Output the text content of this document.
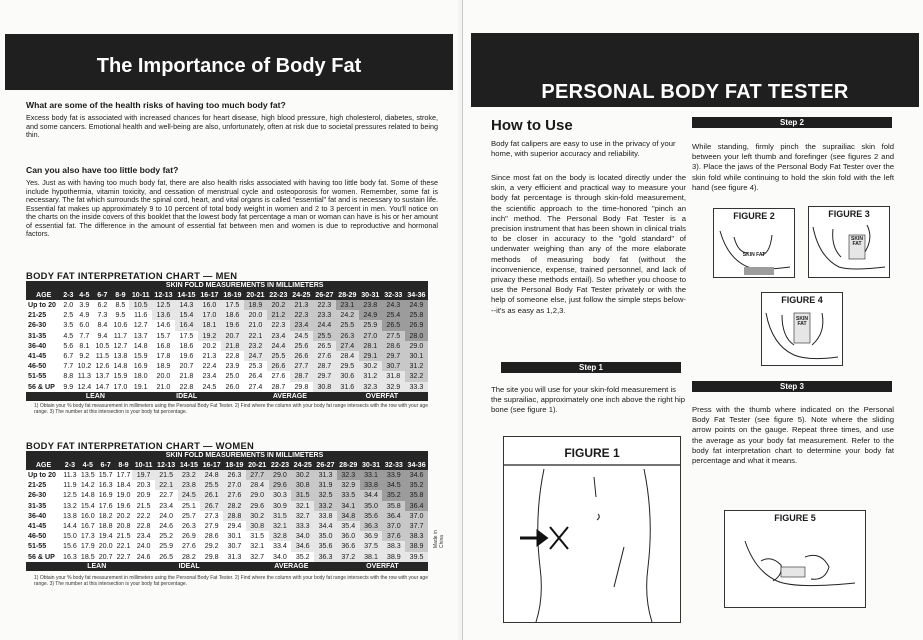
The Importance of Body Fat
What are some of the health risks of having too much body fat?
Excess body fat is associated with increased chances for heart disease, high blood pressure, high cholesterol, diabetes, stroke, and some cancers. Emotional health and well-being are also, unfortunately, often at risk due to societal pressures related to being thin.
Can you also have too little body fat?
Yes. Just as with having too much body fat, there are also health risks associated with having too little body fat. Some of these include hypothermia, vitamin toxicity, and cessation of menstrual cycle and osteoporosis for women. Remember, some fat is necessary. The fat which surrounds the spinal cord, heart, and vital organs is called "essential" fat and is necessary to sustain life. Essential fat makes up approximately 9 to 10 percent of total body weight in women and 2 to 3 percent in men. You'll notice on the charts on the inside covers of this booklet that the lowest body fat percentage a man or woman can have is his or her amount of essential fat. The difference in the amount of essential fat between men and women is due to reproductive and hormonal factors.
BODY FAT INTERPRETATION CHART — MEN
	SKIN FOLD MEASUREMENTS IN MILLIMETERS																
AGE	2-3	4-5	6-7	8-9	10-11	12-13	14-15	16-17	18-19	20-21	22-23	24-25	26-27	28-29	30-31	32-33	34-36
Up to 20	2.0	3.9	6.2	8.5	10.5	12.5	14.3	16.0	17.5	18.9	20.2	21.3	22.3	23.1	23.8	24.3	24.9
21-25	2.5	4.9	7.3	9.5	11.6	13.6	15.4	17.0	18.6	20.0	21.2	22.3	23.3	24.2	24.9	25.4	25.8
26-30	3.5	6.0	8.4	10.6	12.7	14.6	16.4	18.1	19.6	21.0	22.3	23.4	24.4	25.5	25.9	26.5	26.9
31-35	4.5	7.7	9.4	11.7	13.7	15.7	17.5	19.2	20.7	22.1	23.4	24.5	25.5	26.3	27.0	27.5	28.0
36-40	5.6	8.1	10.5	12.7	14.8	16.8	18.6	20.2	21.8	23.2	24.4	25.6	26.5	27.4	28.1	28.6	29.0
41-45	6.7	9.2	11.5	13.8	15.9	17.8	19.6	21.3	22.8	24.7	25.5	26.6	27.6	28.4	29.1	29.7	30.1
46-50	7.7	10.2	12.6	14.8	16.9	18.9	20.7	22.4	23.9	25.3	26.6	27.7	28.7	29.5	30.2	30.7	31.2
51-55	8.8	11.3	13.7	15.9	18.0	20.0	21.8	23.4	25.0	26.4	27.6	28.7	29.7	30.6	31.2	31.8	32.2
56 & UP	9.9	12.4	14.7	17.0	19.1	21.0	22.8	24.5	26.0	27.4	28.7	29.8	30.8	31.6	32.3	32.9	33.3
	LEAN				IDEAL					AVERAGE				OVERFAT			
1) Obtain your % body fat measurement in millimeters using the Personal Body Fat Tester. 2) Find where the column with your body fat range intersects with the row with your age range. 3) The number at this intersection is your body fat percentage.
BODY FAT INTERPRETATION CHART — WOMEN
	SKIN FOLD MEASUREMENTS IN MILLIMETERS																
AGE	2-3	4-5	6-7	8-9	10-11	12-13	14-15	16-17	18-19	20-21	22-23	24-25	26-27	28-29	30-31	32-33	34-36
Up to 20	11.3	13.5	15.7	17.7	19.7	21.5	23.2	24.8	26.3	27.7	29.0	30.2	31.3	32.3	33.1	33.9	34.6
21-25	11.9	14.2	16.3	18.4	20.3	22.1	23.8	25.5	27.0	28.4	29.6	30.8	31.9	32.9	33.8	34.5	35.2
26-30	12.5	14.8	16.9	19.0	20.9	22.7	24.5	26.1	27.6	29.0	30.3	31.5	32.5	33.5	34.4	35.2	35.8
31-35	13.2	15.4	17.6	19.6	21.5	23.4	25.1	26.7	28.2	29.6	30.9	32.1	33.2	34.1	35.0	35.8	36.4
36-40	13.8	16.0	18.2	20.2	22.2	24.0	25.7	27.3	28.8	30.2	31.5	32.7	33.8	34.8	35.6	36.4	37.0
41-45	14.4	16.7	18.8	20.8	22.8	24.6	26.3	27.9	29.4	30.8	32.1	33.3	34.4	35.4	36.3	37.0	37.7
46-50	15.0	17.3	19.4	21.5	23.4	25.2	26.9	28.6	30.1	31.5	32.8	34.0	35.0	36.0	36.9	37.6	38.3
51-55	15.6	17.9	20.0	22.1	24.0	25.9	27.6	29.2	30.7	32.1	33.4	34.6	35.6	36.6	37.5	38.3	38.9
56 & UP	16.3	18.5	20.7	22.7	24.6	26.5	28.2	29.8	31.3	32.7	34.0	35.2	36.3	37.2	38.1	38.9	39.5
	LEAN				IDEAL					AVERAGE				OVERFAT			
1) Obtain your % body fat measurement in millimeters using the Personal Body Fat Tester. 2) Find where the column with your body fat range intersects with the row with your age range. 3) The number at this intersection is your body fat percentage.
Made in China
PERSONAL BODY FAT TESTER
How to Use
Body fat calipers are easy to use in the privacy of your home, with superior accuracy and reliability.
Since most fat on the body is located directly under the skin, a very efficient and practical way to measure your body fat percentage is through skin-fold measurement, the scientific approach to the time-honored "pinch an inch" method. The Personal Body Fat Tester is a precision instrument that has been shown in clinical trials to be closer in accuracy to the "gold standard" of underwater weighing than any of the more elaborate methods of measuring body fat (without the inconvenience, expense, trained personnel, and lack of privacy these methods entail). So whether you choose to use the Personal Body Fat Tester privately or with the help of someone else, just follow the simple steps below---it's as easy as 1,2,3.
Step 1
The site you will use for your skin-fold measurement is the suprailiac, approximately one inch above the right hip bone (see figure 1).
FIGURE 1
Step 2
While standing, firmly pinch the suprailiac skin fold between your left thumb and forefinger (see figures 2 and 3). Place the jaws of the Personal Body Fat Tester over the skin fold while continuing to hold the skin fold with the left hand (see figure 4).
FIGURE 2
SKIN FAT
FIGURE 3
SKIN FAT
FIGURE 4
SKIN FAT
Step 3
Press with the thumb where indicated on the Personal Body Fat Tester (see figure 5). Note where the sliding arrow points on the gauge. Repeat three times, and use the average as your body fat measurement. Refer to the body fat interpretation chart to determine your body fat percentage and what it means.
FIGURE 5
